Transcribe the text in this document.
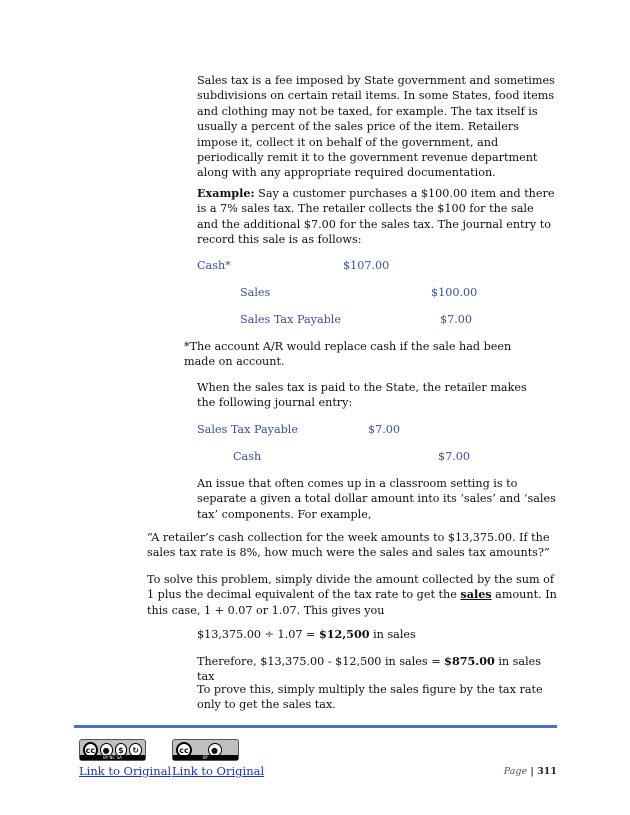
Sales tax is a fee imposed by State government and sometimes subdivisions on certain retail items. In some States, food items and clothing may not be taxed, for example. The tax itself is usually a percent of the sales price of the item. Retailers impose it, collect it on behalf of the government, and periodically remit it to the government revenue department along with any appropriate required documentation.

Example: Say a customer purchases a $100.00 item and there is a 7% sales tax. The retailer collects the $100 for the sale and the additional $7.00 for the sales tax. The journal entry to record this sale is as follows:

Cash*	$107.00
Sales	$100.00
Sales Tax Payable	$7.00

*The account A/R would replace cash if the sale had been made on account.

When the sales tax is paid to the State, the retailer makes the following journal entry:

Sales Tax Payable	$7.00
Cash	$7.00

An issue that often comes up in a classroom setting is to separate a given a total dollar amount into its ‘sales’ and ‘sales tax’ components. For example,

“A retailer’s cash collection for the week amounts to $13,375.00. If the sales tax rate is 8%, how much were the sales and sales tax amounts?”

To solve this problem, simply divide the amount collected by the sum of 1 plus the decimal equivalent of the tax rate to get the sales amount. In this case, 1 + 0.07 or 1.07. This gives you

$13,375.00 ÷ 1.07 = $12,500 in sales

Therefore, $13,375.00 - $12,500 in sales = $875.00 in sales tax

To prove this, simply multiply the sales figure by the tax rate only to get the sales tax.

cc ●	$	↻
BY NC SA
cc	●
BY
Link to Original Link to Original	Page | 311
